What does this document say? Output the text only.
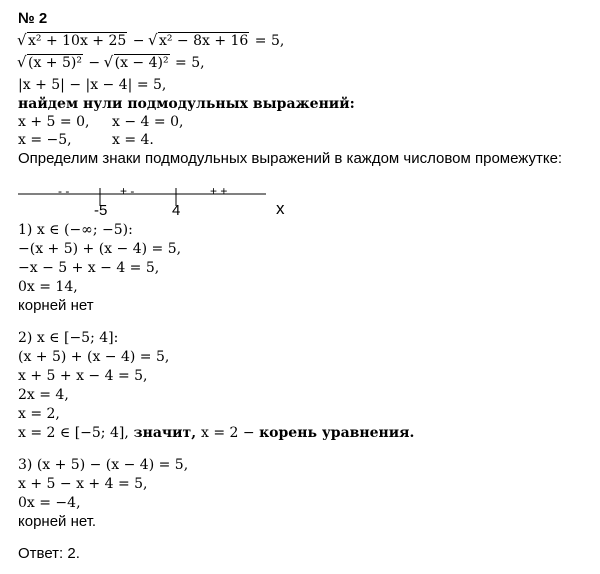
№ 2
√ x² + 10x + 25 − √ x² − 8x + 16 = 5,
√ (x + 5)² − √ (x − 4)² = 5,
|x + 5| − |x − 4| = 5,
найдем нули подмодульных выражений:
x + 5 = 0, x − 4 = 0,
x = −5,	x = 4.
Определим знаки подмодульных выражений в каждом числовом промежутке:
- -	+ -	+ +
-5	4	x
1) x ∈ (−∞; −5):
−(x + 5) + (x − 4) = 5,
−x − 5 + x − 4 = 5,
0x = 14,
корней нет
2) x ∈ [−5; 4]:
(x + 5) + (x − 4) = 5,
x + 5 + x − 4 = 5,
2x = 4,
x = 2,
x = 2 ∈ [−5; 4], значит, x = 2 − корень уравнения.
3) (x + 5) − (x − 4) = 5,
x + 5 − x + 4 = 5,
0x = −4,
корней нет.
Ответ: 2.
